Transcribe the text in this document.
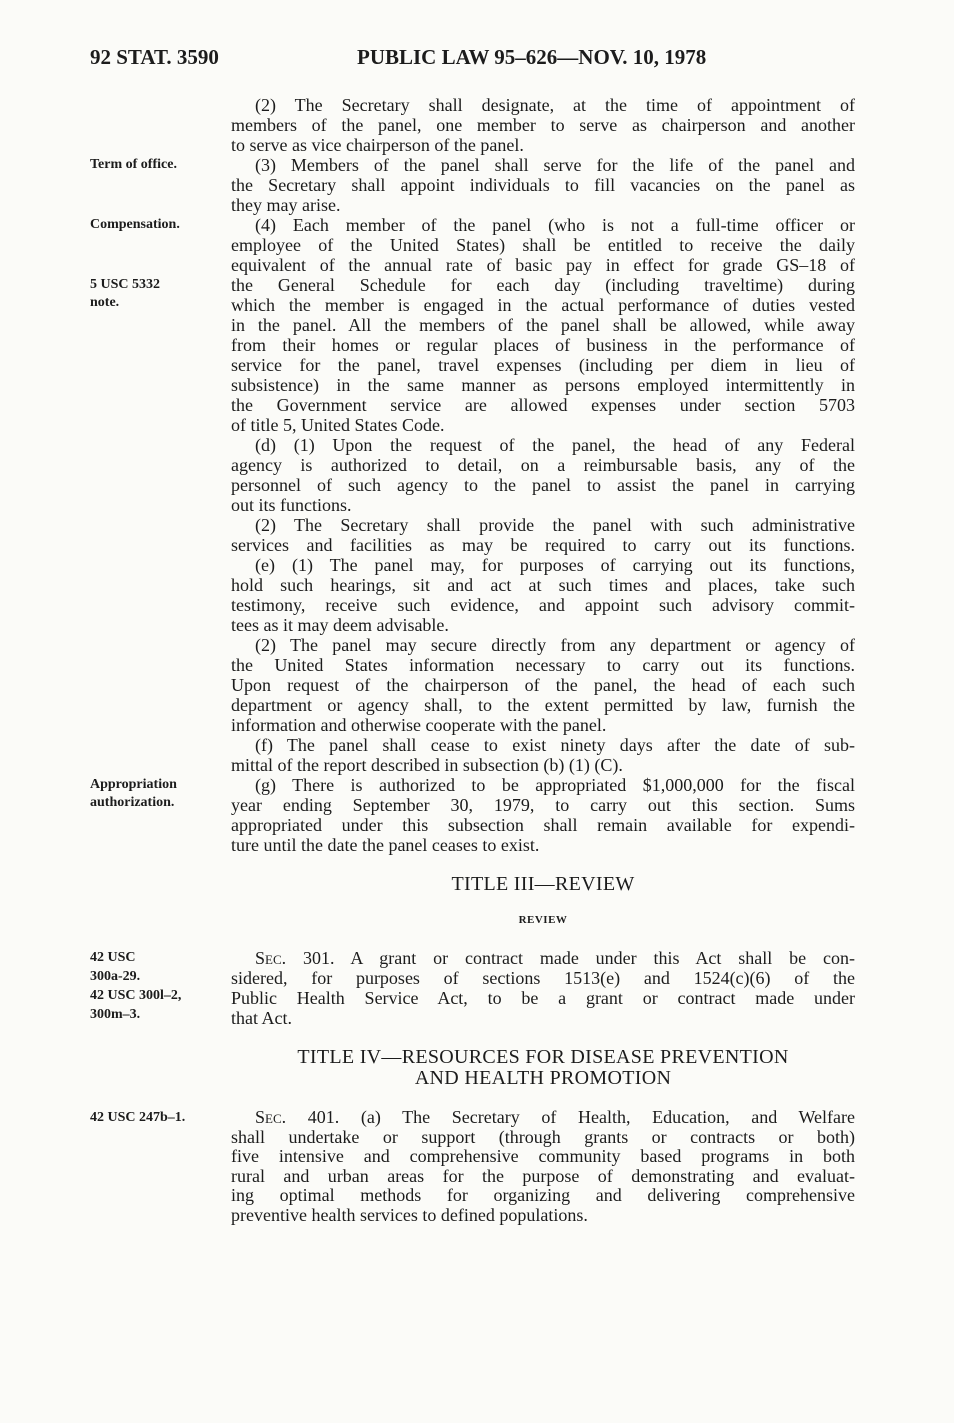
92 STAT. 3590	PUBLIC LAW 95–626—NOV. 10, 1978
Term of office.
Compensation.
5 USC 5332
note.
Appropriation
authorization.
42 USC
300a-29.
42 USC 300l–2,
300m–3.
42 USC 247b–1.
(2) The Secretary shall designate, at the time of appointment of
members of the panel, one member to serve as chairperson and another
to serve as vice chairperson of the panel.
(3) Members of the panel shall serve for the life of the panel and
the Secretary shall appoint individuals to fill vacancies on the panel as
they may arise.
(4) Each member of the panel (who is not a full-time officer or
employee of the United States) shall be entitled to receive the daily
equivalent of the annual rate of basic pay in effect for grade GS–18 of
the General Schedule for each day (including traveltime) during
which the member is engaged in the actual performance of duties vested
in the panel. All the members of the panel shall be allowed, while away
from their homes or regular places of business in the performance of
service for the panel, travel expenses (including per diem in lieu of
subsistence) in the same manner as persons employed intermittently in
the Government service are allowed expenses under section 5703
of title 5, United States Code.
(d) (1) Upon the request of the panel, the head of any Federal
agency is authorized to detail, on a reimbursable basis, any of the
personnel of such agency to the panel to assist the panel in carrying
out its functions.
(2) The Secretary shall provide the panel with such administrative
services and facilities as may be required to carry out its functions.
(e) (1) The panel may, for purposes of carrying out its functions,
hold such hearings, sit and act at such times and places, take such
testimony, receive such evidence, and appoint such advisory commit-
tees as it may deem advisable.
(2) The panel may secure directly from any department or agency of
the United States information necessary to carry out its functions.
Upon request of the chairperson of the panel, the head of each such
department or agency shall, to the extent permitted by law, furnish the
information and otherwise cooperate with the panel.
(f) The panel shall cease to exist ninety days after the date of sub-
mittal of the report described in subsection (b) (1) (C).
(g) There is authorized to be appropriated $1,000,000 for the fiscal
year ending September 30, 1979, to carry out this section. Sums
appropriated under this subsection shall remain available for expendi-
ture until the date the panel ceases to exist.
TITLE III—REVIEW
REVIEW
Sec. 301. A grant or contract made under this Act shall be con-
sidered, for purposes of sections 1513(e) and 1524(c)(6) of the
Public Health Service Act, to be a grant or contract made under
that Act.
TITLE IV—RESOURCES FOR DISEASE PREVENTION
AND HEALTH PROMOTION
Sec. 401. (a) The Secretary of Health, Education, and Welfare
shall undertake or support (through grants or contracts or both)
five intensive and comprehensive community based programs in both
rural and urban areas for the purpose of demonstrating and evaluat-
ing optimal methods for organizing and delivering comprehensive
preventive health services to defined populations.
